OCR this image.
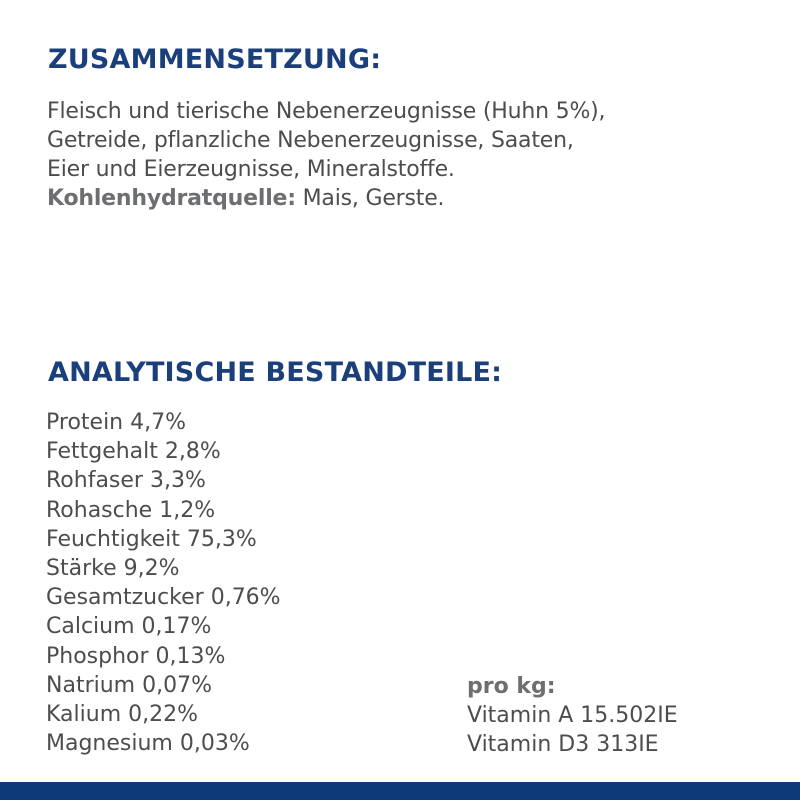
ZUSAMMENSETZUNG:

Fleisch und tierische Nebenerzeugnisse (Huhn 5%),

Getreide, pflanzliche Nebenerzeugnisse, Saaten,

Eier und Eierzeugnisse, Mineralstoffe.

Kohlenhydratquelle: Mais, Gerste.

ANALYTISCHE BESTANDTEILE:
Protein 4,7%
Fettgehalt 2,8%
Rohfaser 3,3%
Rohasche 1,2%
Feuchtigkeit 75,3%
Stärke 9,2%
Gesamtzucker 0,76%
Calcium 0,17%
Phosphor 0,13%
Natrium 0,07%
Kalium 0,22%
Magnesium 0,03%
pro kg:
Vitamin A 15.502IE
Vitamin D3 313IE
